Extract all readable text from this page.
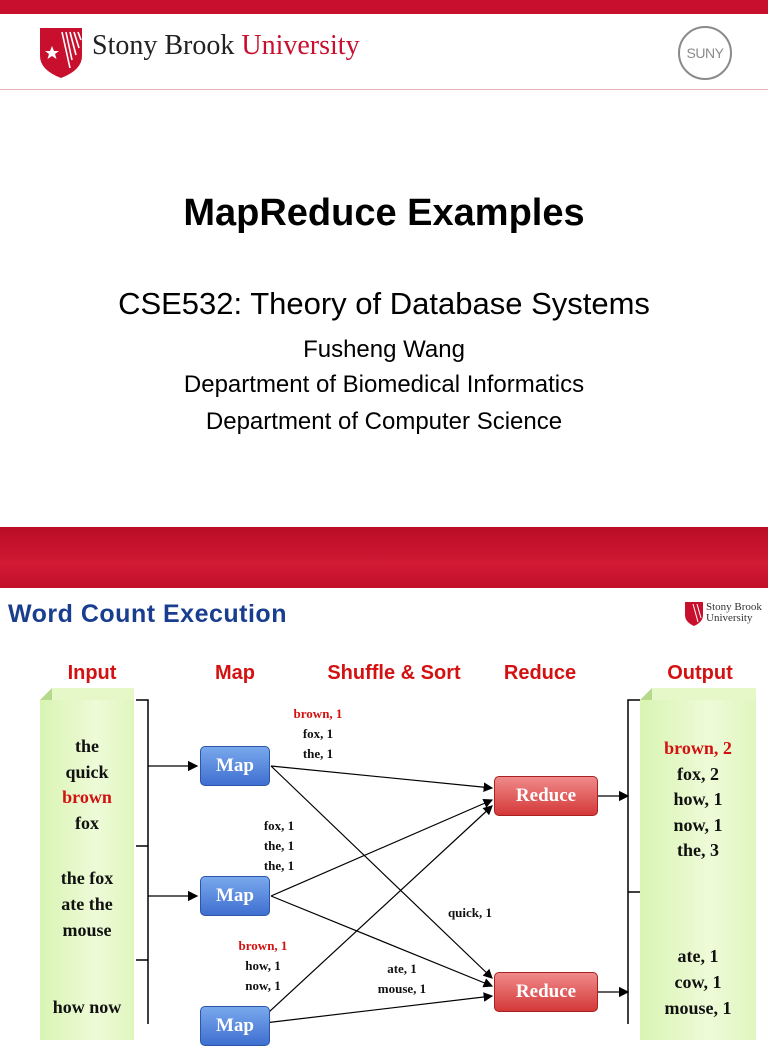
Stony Brook University	SUNY
MapReduce Examples
CSE532: Theory of Database Systems
Fusheng Wang
Department of Biomedical Informatics
Department of Computer Science
Word Count Execution	Stony Brook
University
Input	Map	Shuffle & Sort	Reduce	Output
the
quick
brown
fox
the fox
ate the
mouse
how now
Map
Map
Map
brown, 1
fox, 1
the, 1
fox, 1
the, 1
the, 1
brown, 1
how, 1
now, 1
quick, 1
ate, 1
mouse, 1
Reduce
Reduce
brown, 2
fox, 2
how, 1
now, 1
the, 3
ate, 1
cow, 1
mouse, 1
